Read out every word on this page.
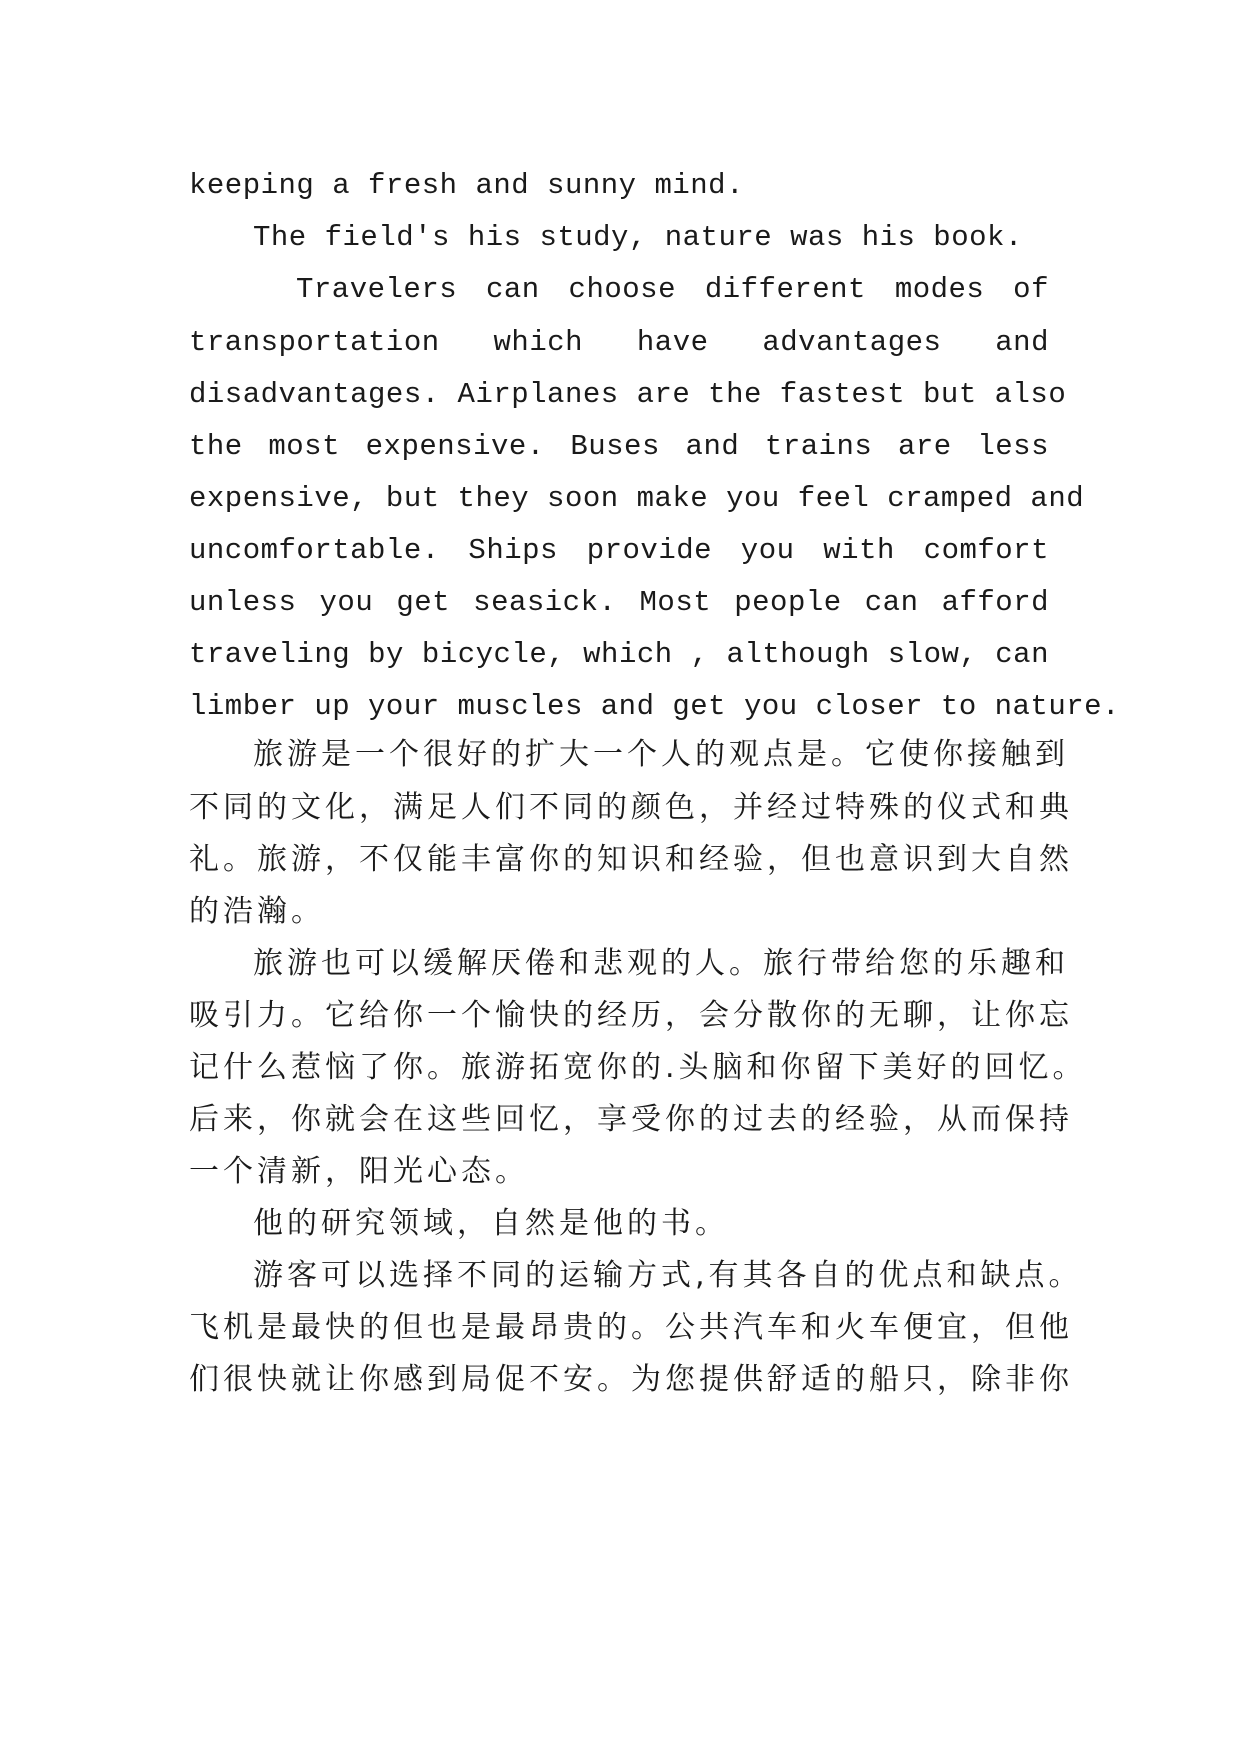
keeping a fresh and sunny mind.
The field's his study, nature was his book.
Travelers can choose different modes of
transportation which have advantages and
disadvantages. Airplanes are the fastest but also
the most expensive. Buses and trains are less
expensive, but they soon make you feel cramped and
uncomfortable. Ships provide you with comfort
unless you get seasick. Most people can afford
traveling by bicycle, which , although slow, can
limber up your muscles and get you closer to nature.
旅游是一个很好的扩大一个人的观点是。它使你接触到
不同的文化，满足人们不同的颜色，并经过特殊的仪式和典
礼。旅游，不仅能丰富你的知识和经验，但也意识到大自然
的浩瀚。
旅游也可以缓解厌倦和悲观的人。旅行带给您的乐趣和
吸引力。它给你一个愉快的经历，会分散你的无聊，让你忘
记什么惹恼了你。旅游拓宽你的.头脑和你留下美好的回忆。
后来，你就会在这些回忆，享受你的过去的经验，从而保持
一个清新，阳光心态。
他的研究领域，自然是他的书。
游客可以选择不同的运输方式,有其各自的优点和缺点。
飞机是最快的但也是最昂贵的。公共汽车和火车便宜，但他
们很快就让你感到局促不安。为您提供舒适的船只，除非你
